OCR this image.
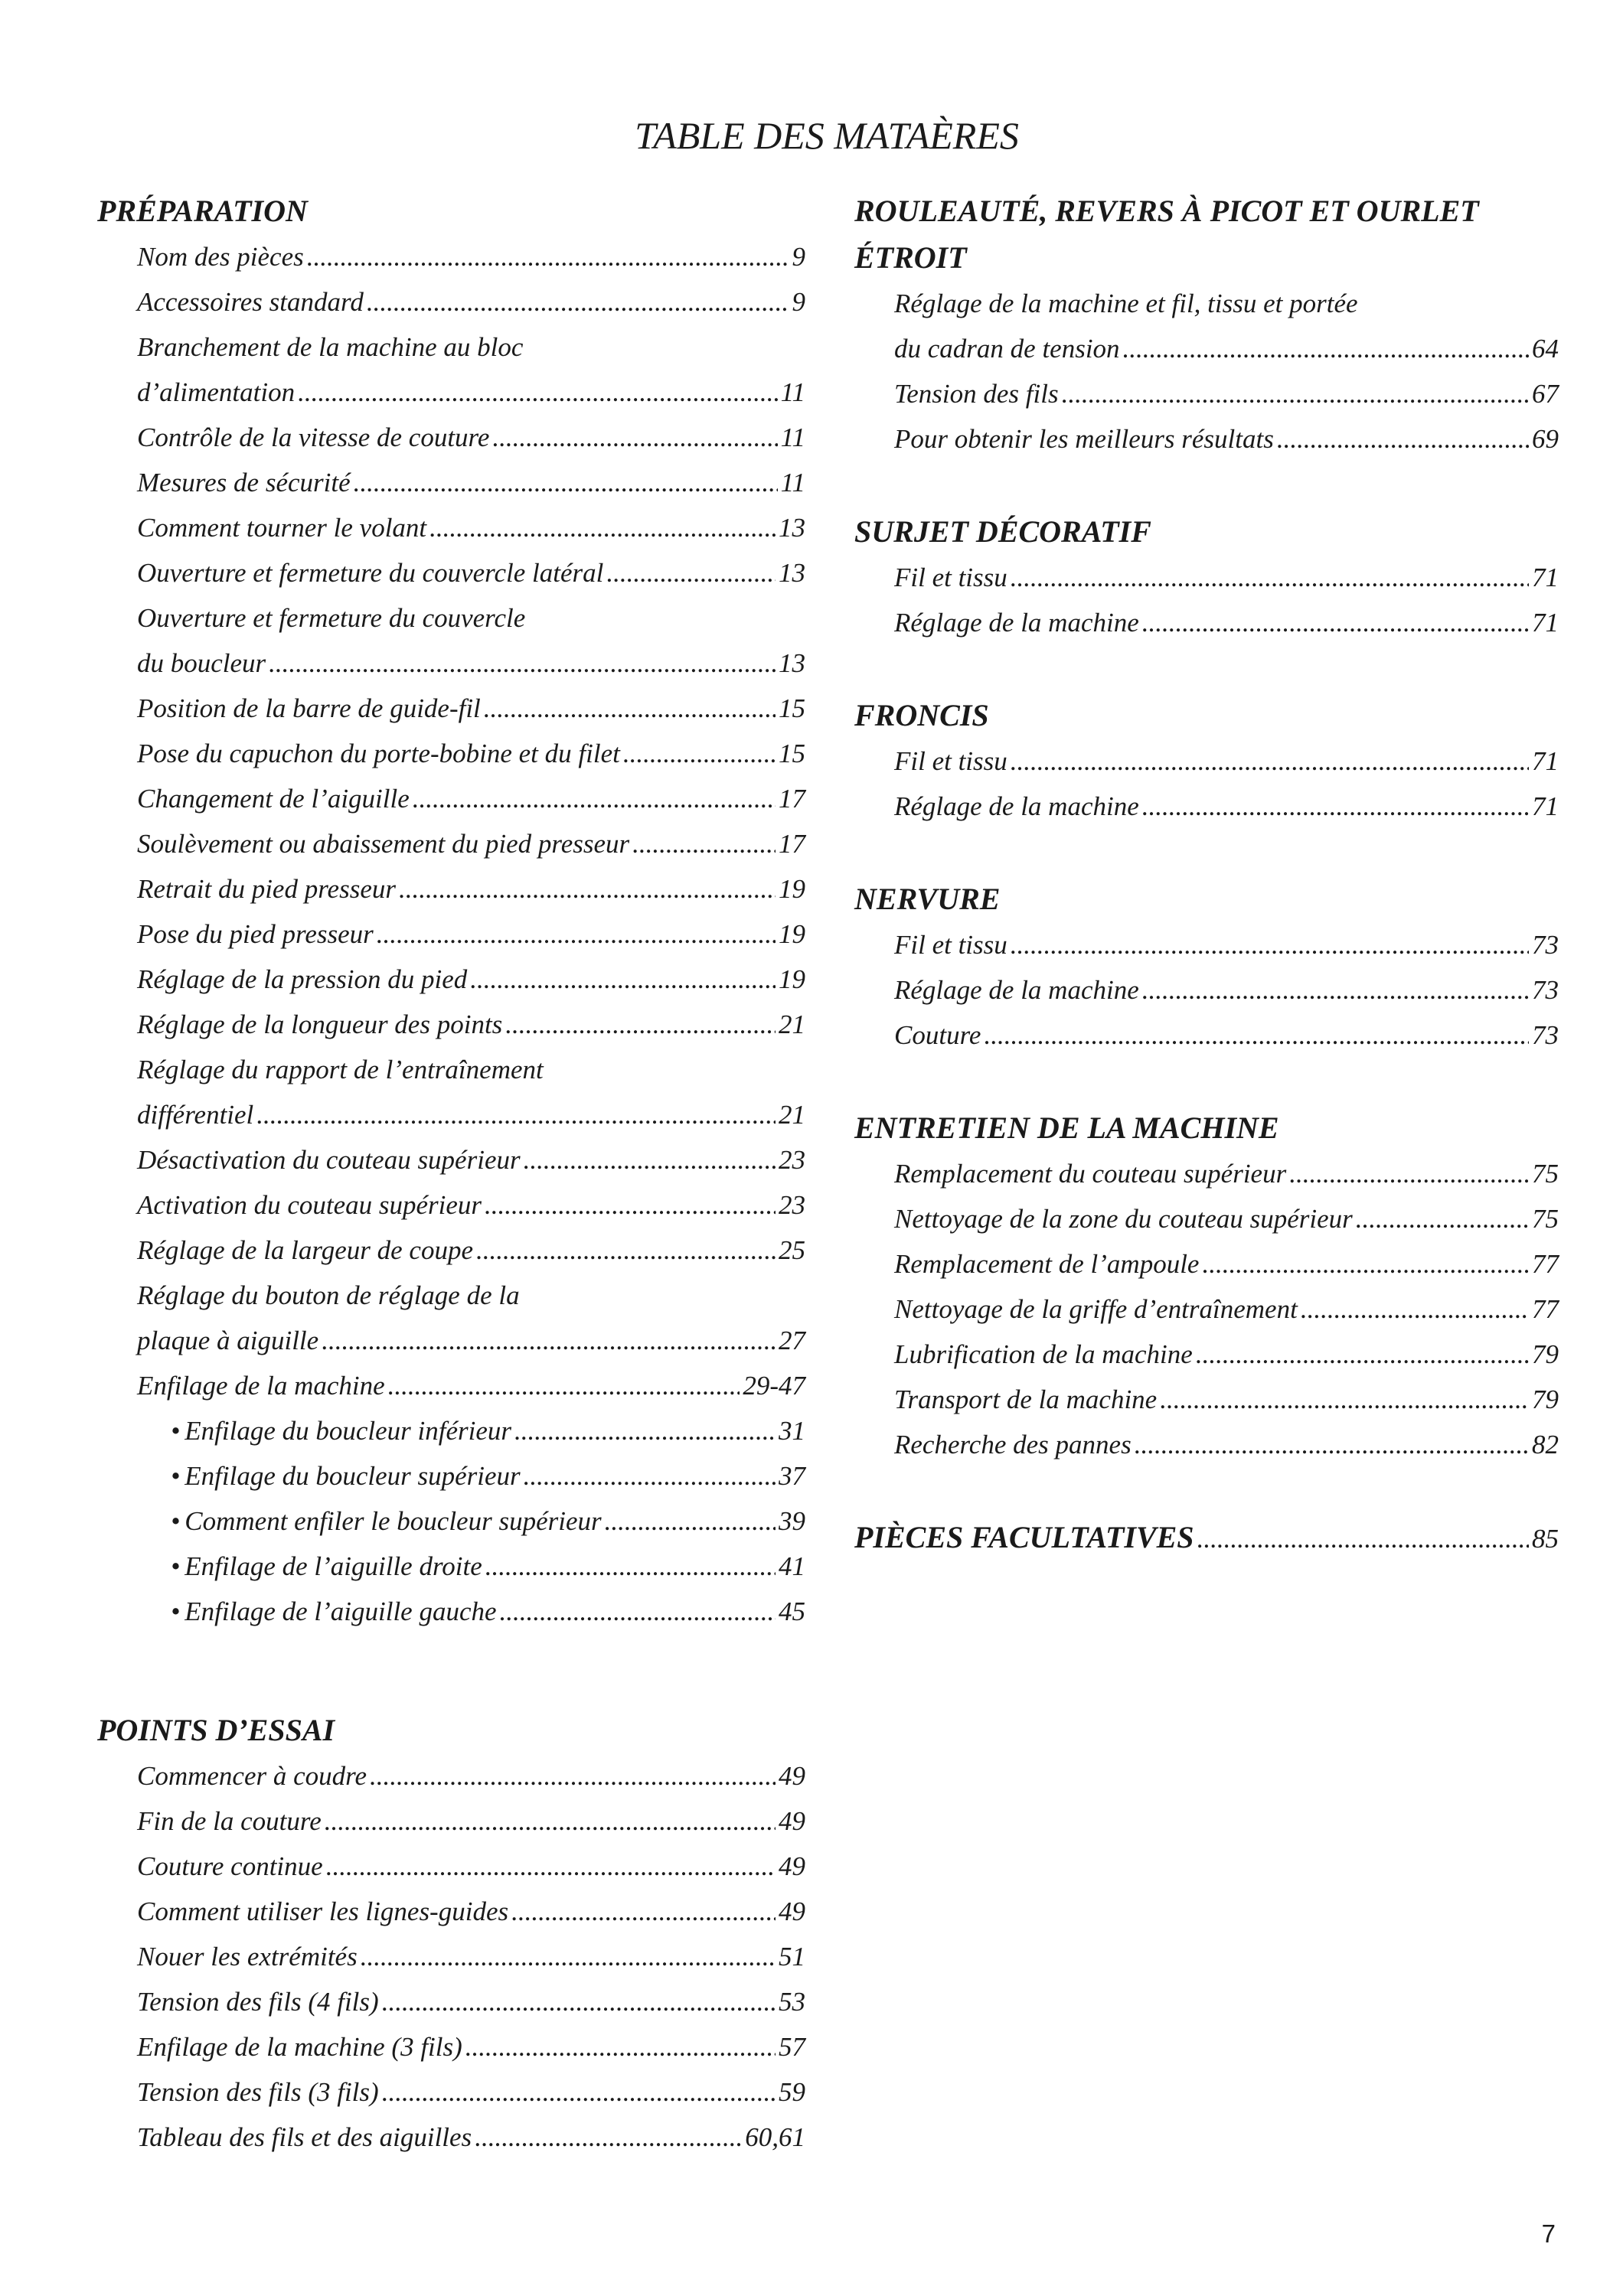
TABLE DES MATAÈRES
PRÉPARATION
Nom des pièces .....	9
Accessoires standard .....	9
Branchement de la machine au bloc
d’alimentation .....	11
Contrôle de la vitesse de couture .....	11
Mesures de sécurité .....	11
Comment tourner le volant .....	13
Ouverture et fermeture du couvercle latéral .....	13
Ouverture et fermeture du couvercle
du boucleur .....	13
Position de la barre de guide-fil .....	15
Pose du capuchon du porte-bobine et du filet .....	15
Changement de l’aiguille .....	17
Soulèvement ou abaissement du pied presseur .....	17
Retrait du pied presseur .....	19
Pose du pied presseur .....	19
Réglage de la pression du pied .....	19
Réglage de la longueur des points .....	21
Réglage du rapport de l’entraînement
différentiel .....	21
Désactivation du couteau supérieur .....	23
Activation du couteau supérieur .....	23
Réglage de la largeur de coupe .....	25
Réglage du bouton de réglage de la
plaque à aiguille .....	27
Enfilage de la machine .....	29-47
• Enfilage du boucleur inférieur .....	31
• Enfilage du boucleur supérieur .....	37
• Comment enfiler le boucleur supérieur .....	39
• Enfilage de l’aiguille droite .....	41
• Enfilage de l’aiguille gauche .....	45
POINTS D’ESSAI
Commencer à coudre .....	49
Fin de la couture .....	49
Couture continue .....	49
Comment utiliser les lignes-guides .....	49
Nouer les extrémités .....	51
Tension des fils (4 fils) .....	53
Enfilage de la machine (3 fils) .....	57
Tension des fils (3 fils) .....	59
Tableau des fils et des aiguilles .....	60,61
ROULEAUTÉ, REVERS À PICOT ET OURLET
ÉTROIT
Réglage de la machine et fil, tissu et portée
du cadran de tension .....	64
Tension des fils .....	67
Pour obtenir les meilleurs résultats .....	69
SURJET DÉCORATIF
Fil et tissu .....	71
Réglage de la machine .....	71
FRONCIS
Fil et tissu .....	71
Réglage de la machine .....	71
NERVURE
Fil et tissu .....	73
Réglage de la machine .....	73
Couture .....	73
ENTRETIEN DE LA MACHINE
Remplacement du couteau supérieur .....	75
Nettoyage de la zone du couteau supérieur .....	75
Remplacement de l’ampoule .....	77
Nettoyage de la griffe d’entraînement .....	77
Lubrification de la machine .....	79
Transport de la machine .....	79
Recherche des pannes .....	82
PIÈCES FACULTATIVES .....	85
7
